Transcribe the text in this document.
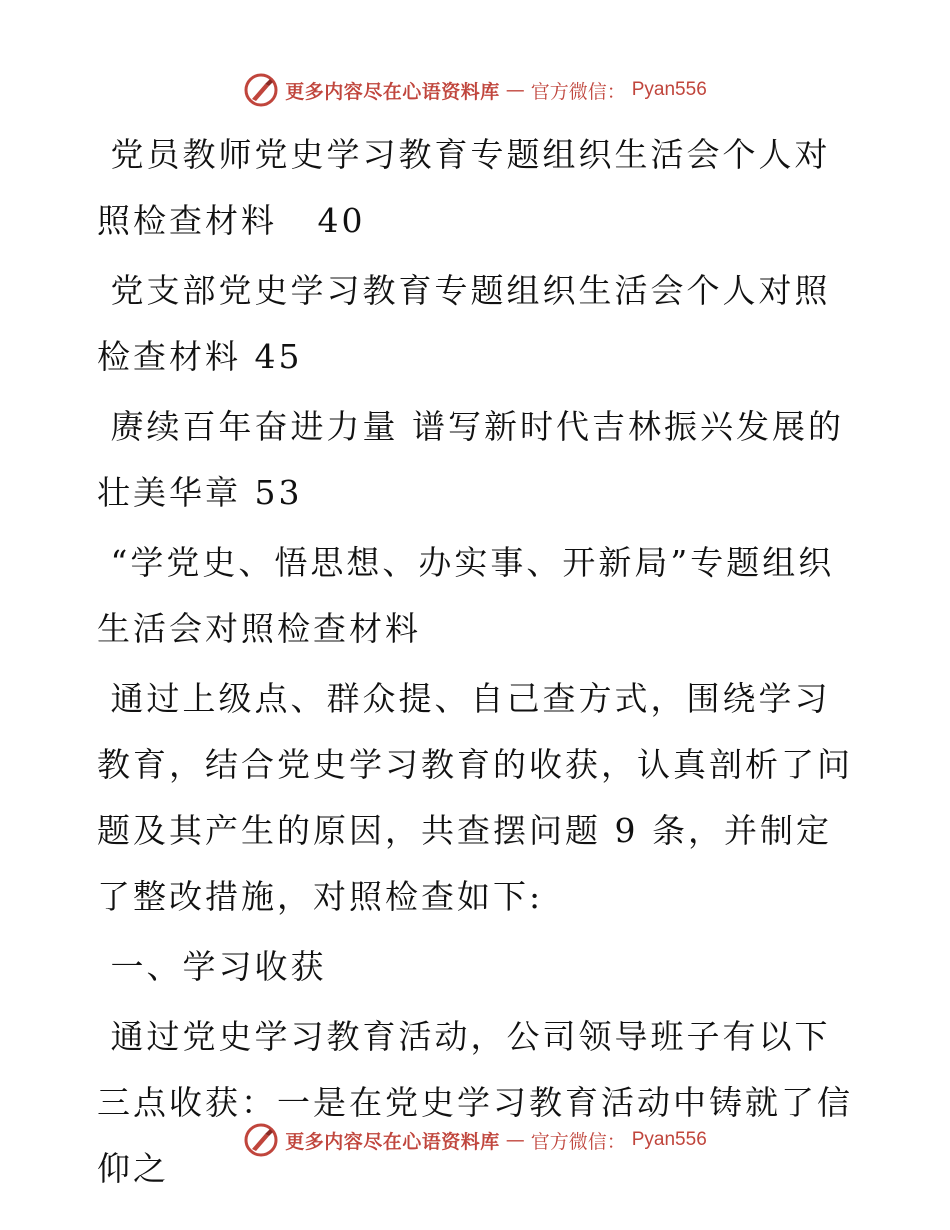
更多内容尽在心语资料库 — 官方微信： Pyan556

党员教师党史学习教育专题组织生活会个人对照检查材料   40

党支部党史学习教育专题组织生活会个人对照检查材料 45

赓续百年奋进力量 谱写新时代吉林振兴发展的壮美华章 53

“学党史、悟思想、办实事、开新局”专题组织生活会对照检查材料

通过上级点、群众提、自己查方式，围绕学习教育，结合党史学习教育的收获，认真剖析了问题及其产生的原因，共查摆问题 9 条，并制定了整改措施，对照检查如下:

一、学习收获

通过党史学习教育活动，公司领导班子有以下三点收获：一是在党史学习教育活动中铸就了信仰之

更多内容尽在心语资料库 — 官方微信： Pyan556
